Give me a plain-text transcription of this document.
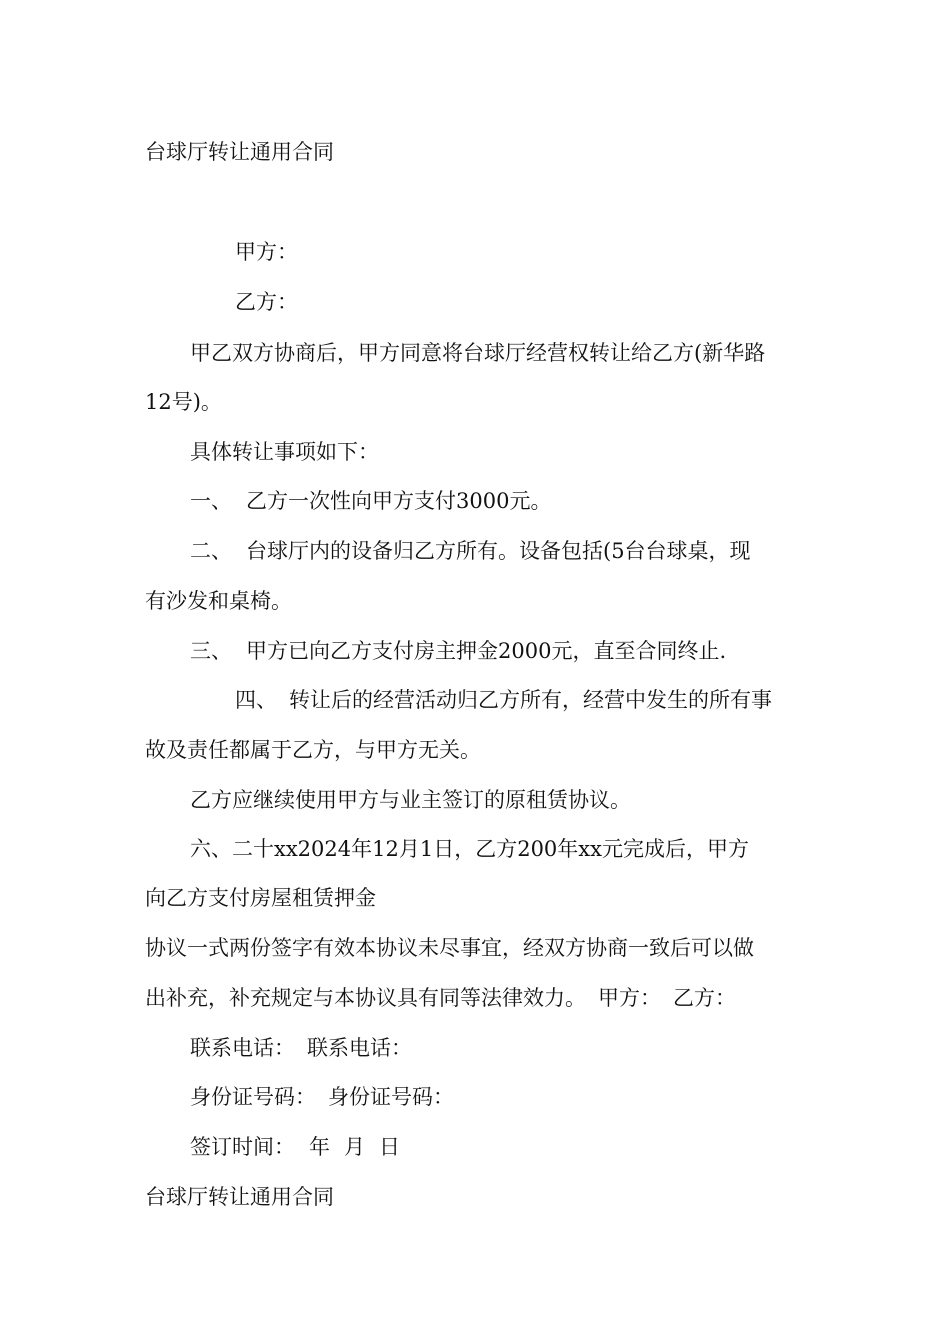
台球厅转让通用合同
甲方：
乙方：
甲乙双方协商后，甲方同意将台球厅经营权转让给乙方(新华路
12号)。
具体转让事项如下：
一、 乙方一次性向甲方支付3000元。
二、 台球厅内的设备归乙方所有。设备包括(5台台球桌，现
有沙发和桌椅。
三、 甲方已向乙方支付房主押金2000元，直至合同终止.
四、 转让后的经营活动归乙方所有，经营中发生的所有事
故及责任都属于乙方，与甲方无关。
乙方应继续使用甲方与业主签订的原租赁协议。
六、二十xx2024年12月1日，乙方200年xx元完成后，甲方
向乙方支付房屋租赁押金
协议一式两份签字有效本协议未尽事宜，经双方协商一致后可以做
出补充，补充规定与本协议具有同等法律效力。 甲方： 乙方：
联系电话： 联系电话：
身份证号码： 身份证号码：
签订时间： 年 月 日
台球厅转让通用合同
